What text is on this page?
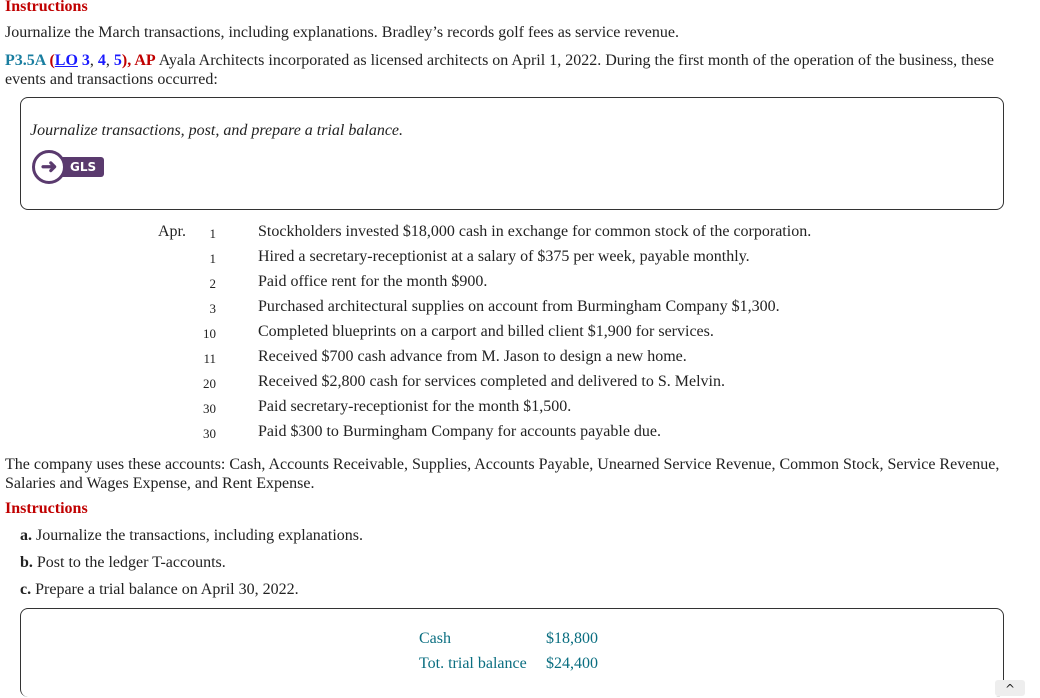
Instructions
Journalize the March transactions, including explanations. Bradley’s records golf fees as service revenue.
P3.5A (LO 3, 4, 5), AP Ayala Architects incorporated as licensed architects on April 1, 2022. During the first month of the operation of the business, these events and transactions occurred:
Journalize transactions, post, and prepare a trial balance.
➜	GLS
Apr.	1	Stockholders invested $18,000 cash in exchange for common stock of the corporation.
1	Hired a secretary-receptionist at a salary of $375 per week, payable monthly.
2	Paid office rent for the month $900.
3	Purchased architectural supplies on account from Burmingham Company $1,300.
10	Completed blueprints on a carport and billed client $1,900 for services.
11	Received $700 cash advance from M. Jason to design a new home.
20	Received $2,800 cash for services completed and delivered to S. Melvin.
30	Paid secretary-receptionist for the month $1,500.
30	Paid $300 to Burmingham Company for accounts payable due.
The company uses these accounts: Cash, Accounts Receivable, Supplies, Accounts Payable, Unearned Service Revenue, Common Stock, Service Revenue, Salaries and Wages Expense, and Rent Expense.
Instructions
a. Journalize the transactions, including explanations.
b. Post to the ledger T-accounts.
c. Prepare a trial balance on April 30, 2022.
Cash	$18,800
Tot. trial balance $24,400
^
